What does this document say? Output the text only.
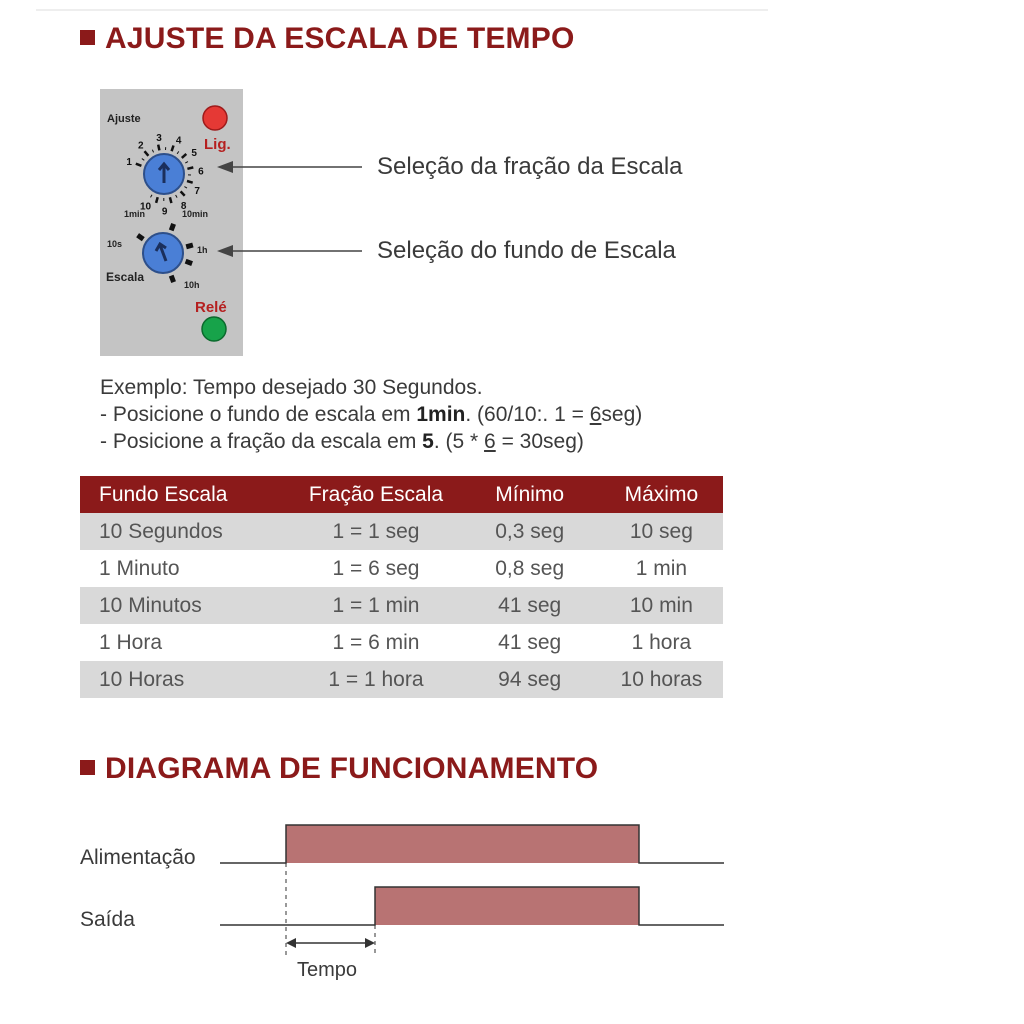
AJUSTE DA ESCALA DE TEMPO
Ajuste
Lig.
1
2
3 4
5
6
7
8
9
10
1min	10min
10s
1h
10h
Escala
Relé
Seleção da fração da Escala
Seleção do fundo de Escala
Exemplo: Tempo desejado 30 Segundos.
- Posicione o fundo de escala em 1min. (60/10:. 1 = 6seg)
- Posicione a fração da escala em 5. (5 * 6 = 30seg)
Fundo Escala	Fração Escala	Mínimo	Máximo
10 Segundos	1 = 1 seg	0,3 seg	10 seg
1 Minuto	1 = 6 seg	0,8 seg	1 min
10 Minutos	1 = 1 min	41 seg	10 min
1 Hora	1 = 6 min	41 seg	1 hora
10 Horas	1 = 1 hora	94 seg	10 horas
DIAGRAMA DE FUNCIONAMENTO
Alimentação
Saída
Tempo
